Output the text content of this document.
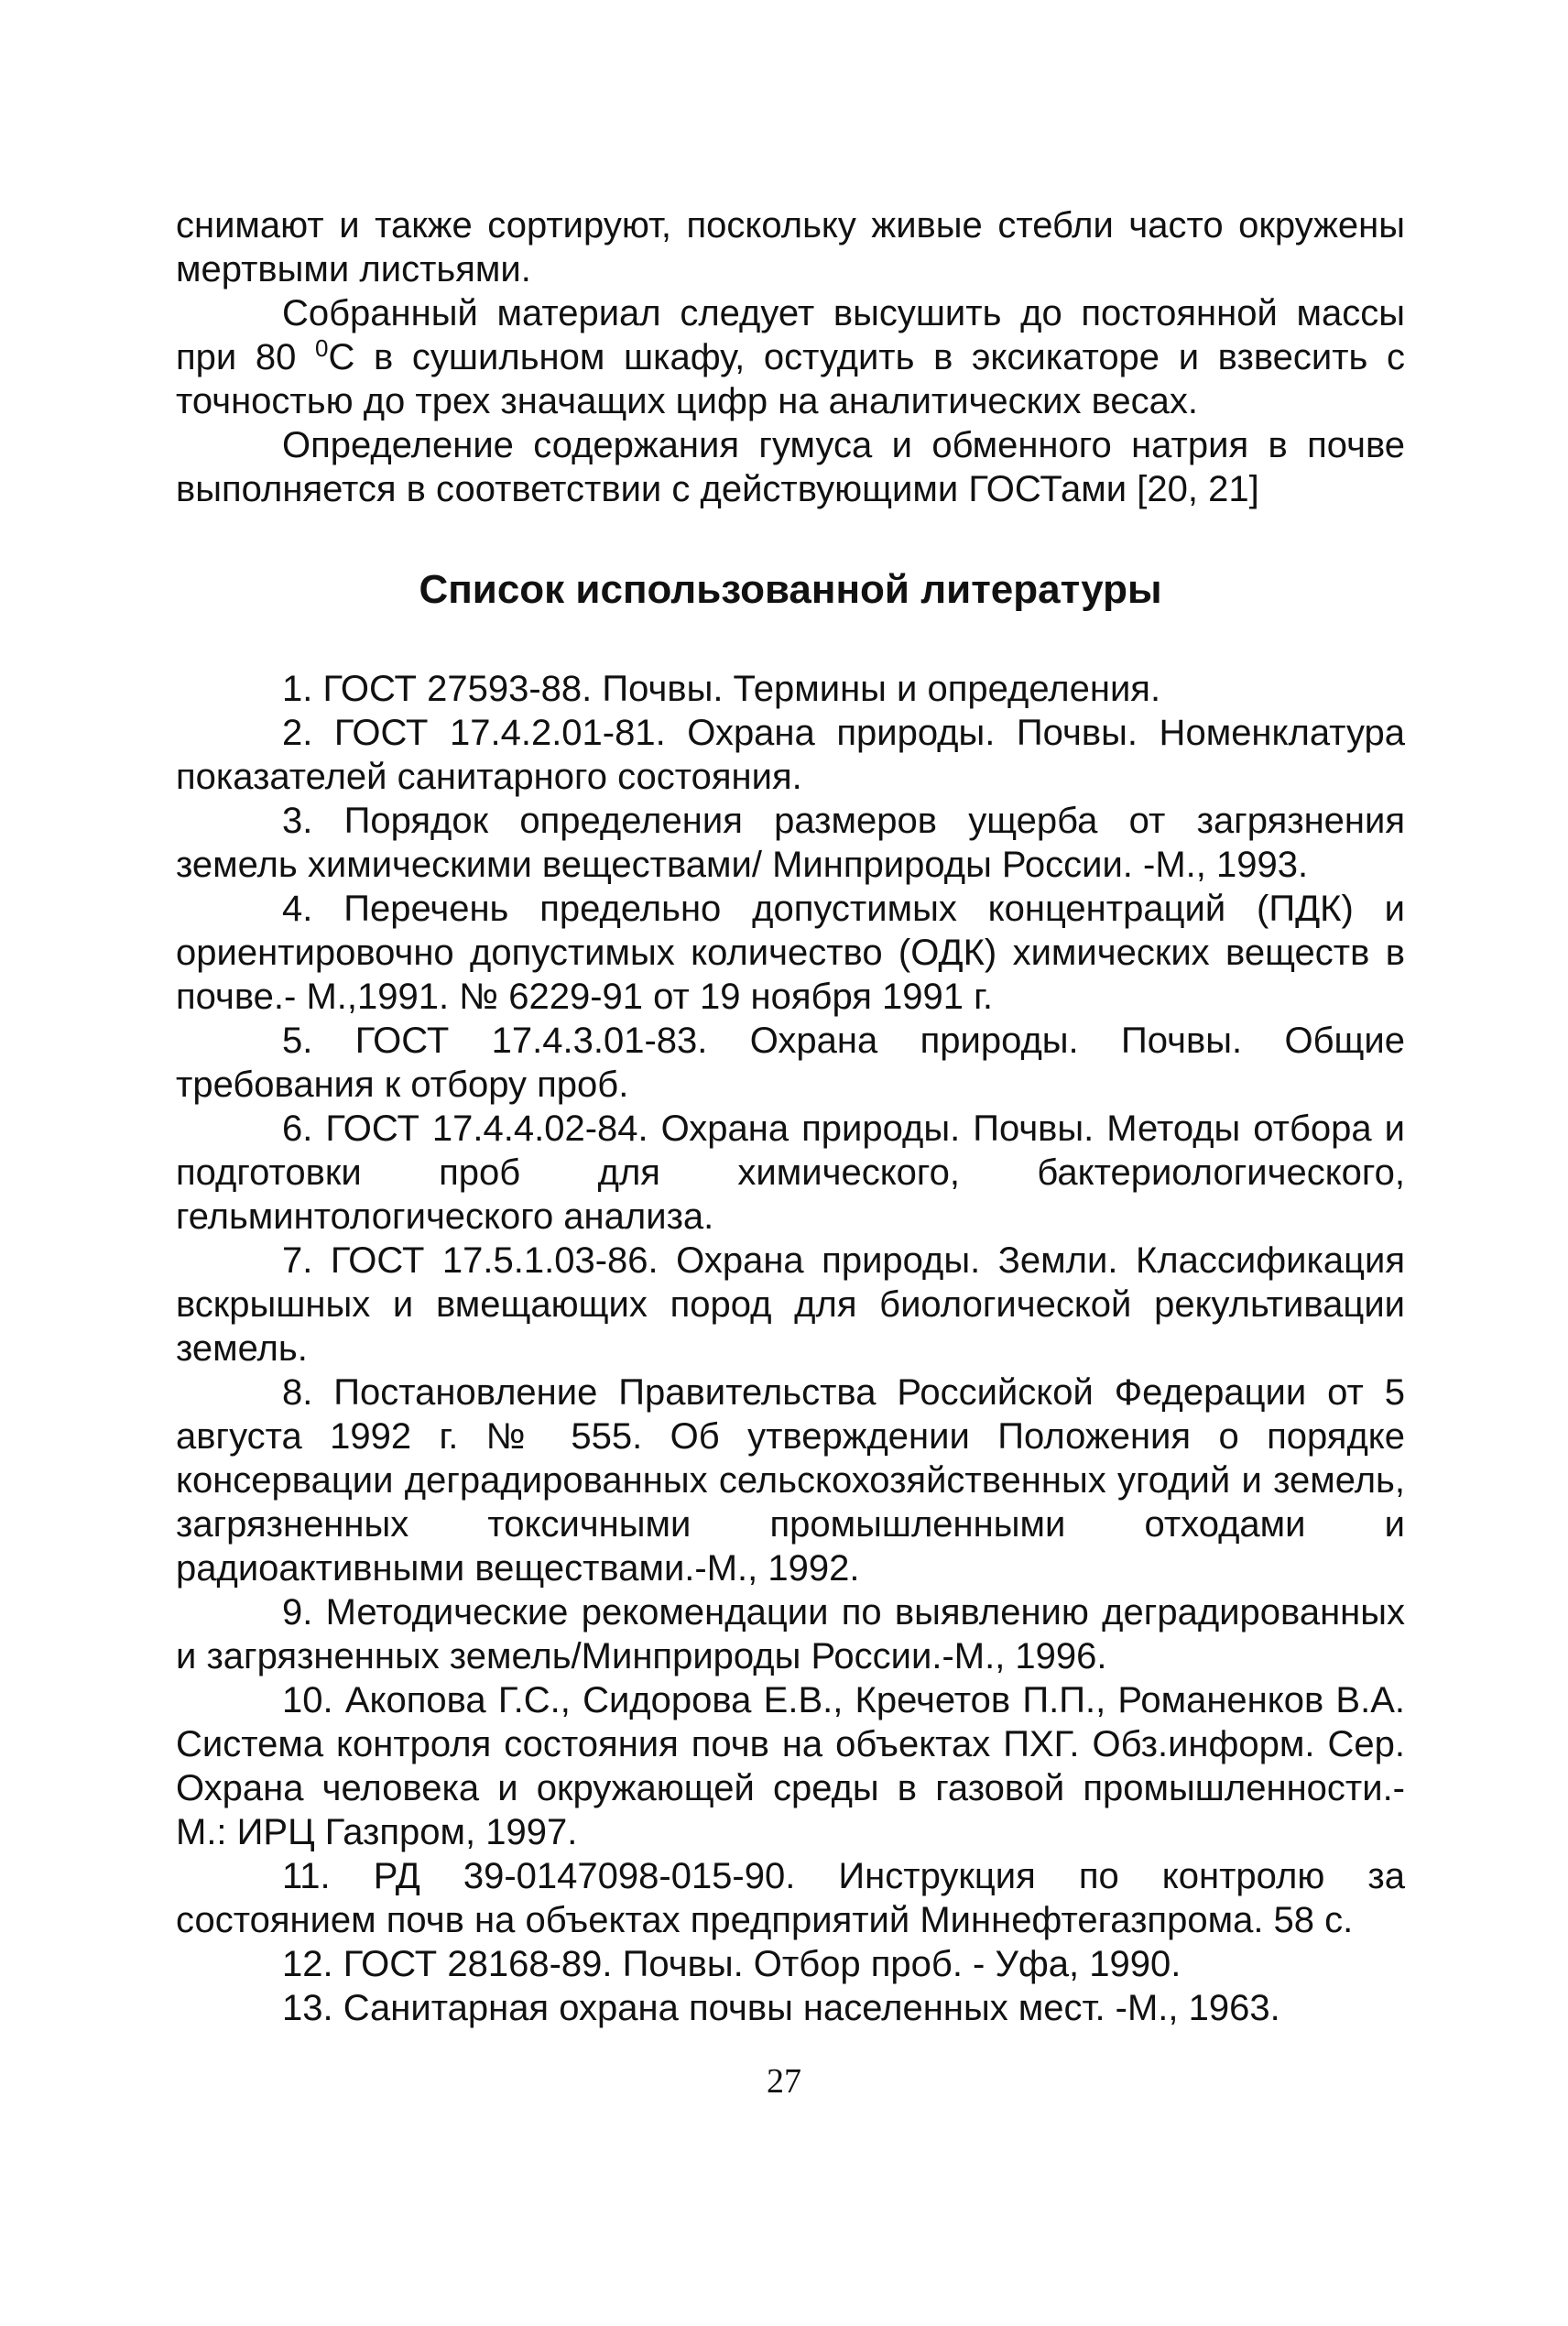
снимают и также сортируют, поскольку живые стебли часто окружены мертвыми листьями.

Собранный материал следует высушить до постоянной массы при 80 $^0$С в сушильном шкафу, остудить в эксикаторе и взвесить с точностью до трех значащих цифр на аналитических весах.

Определение содержания гумуса и обменного натрия в почве выполняется в соответствии с действующими ГОСТами [20, 21]

Список использованной литературы

1. ГОСТ 27593-88. Почвы. Термины и определения.

2. ГОСТ 17.4.2.01-81. Охрана природы. Почвы. Номенклатура показателей санитарного состояния.

3. Порядок определения размеров ущерба от загрязнения земель химическими веществами/ Минприроды России. -М., 1993.

4. Перечень предельно допустимых концентраций (ПДК) и ориентировочно допустимых количество (ОДК) химических веществ в почве.- М.,1991. № 6229-91 от 19 ноября 1991 г.

5. ГОСТ 17.4.3.01-83. Охрана природы. Почвы. Общие требования к отбору проб.

6. ГОСТ 17.4.4.02-84. Охрана природы. Почвы. Методы отбора и подготовки проб для химического, бактериологического, гельминтологического анализа.

7. ГОСТ 17.5.1.03-86. Охрана природы. Земли. Классификация вскрышных и вмещающих пород для биологической рекультивации земель.

8. Постановление Правительства Российской Федерации от 5 августа 1992 г. № 555. Об утверждении Положения о порядке консервации деградированных сельскохозяйственных угодий и земель, загрязненных токсичными промышленными отходами и радиоактивными веществами.-М., 1992.

9. Методические рекомендации по выявлению деградированных и загрязненных земель/Минприроды России.-М., 1996.

10. Акопова Г.С., Сидорова Е.В., Кречетов П.П., Романенков В.А. Система контроля состояния почв на объектах ПХГ. Обз.информ. Сер. Охрана человека и окружающей среды в газовой промышленности.- М.: ИРЦ Газпром, 1997.

11. РД 39-0147098-015-90. Инструкция по контролю за состоянием почв на объектах предприятий Миннефтегазпрома. 58 с.

12. ГОСТ 28168-89. Почвы. Отбор проб. - Уфа, 1990.

13. Санитарная охрана почвы населенных мест. -М., 1963.

27
